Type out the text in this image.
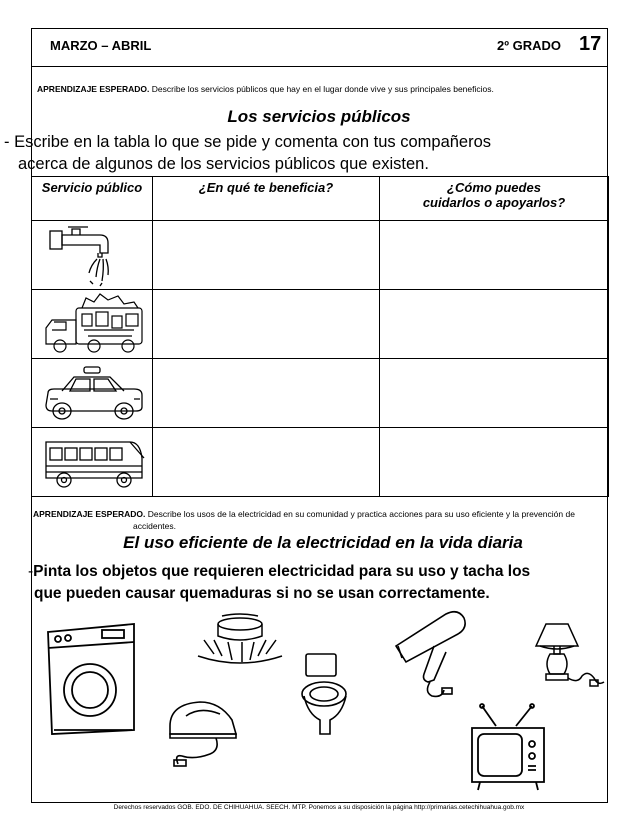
MARZO – ABRIL	2º GRADO 17
APRENDIZAJE ESPERADO. Describe los servicios públicos que hay en el lugar donde vive y sus principales beneficios.
Los servicios públicos
- Escribe en la tabla lo que se pide y comenta con tus compañeros
acerca de algunos de los servicios públicos que existen.
Servicio público	¿En qué te beneficia?	¿Cómo puedes
cuidarlos o apoyarlos?

APRENDIZAJE ESPERADO. Describe los usos de la electricidad en su comunidad y practica acciones para su uso eficiente y la prevención de
accidentes.
El uso eficiente de la electricidad en la vida diaria
-Pinta los objetos que requieren electricidad para su uso y tacha los
que pueden causar quemaduras si no se usan correctamente.
Derechos reservados GOB. EDO. DE CHIHUAHUA. SEECH. MTP. Ponemos a su disposición la página http://primarias.cetechihuahua.gob.mx
